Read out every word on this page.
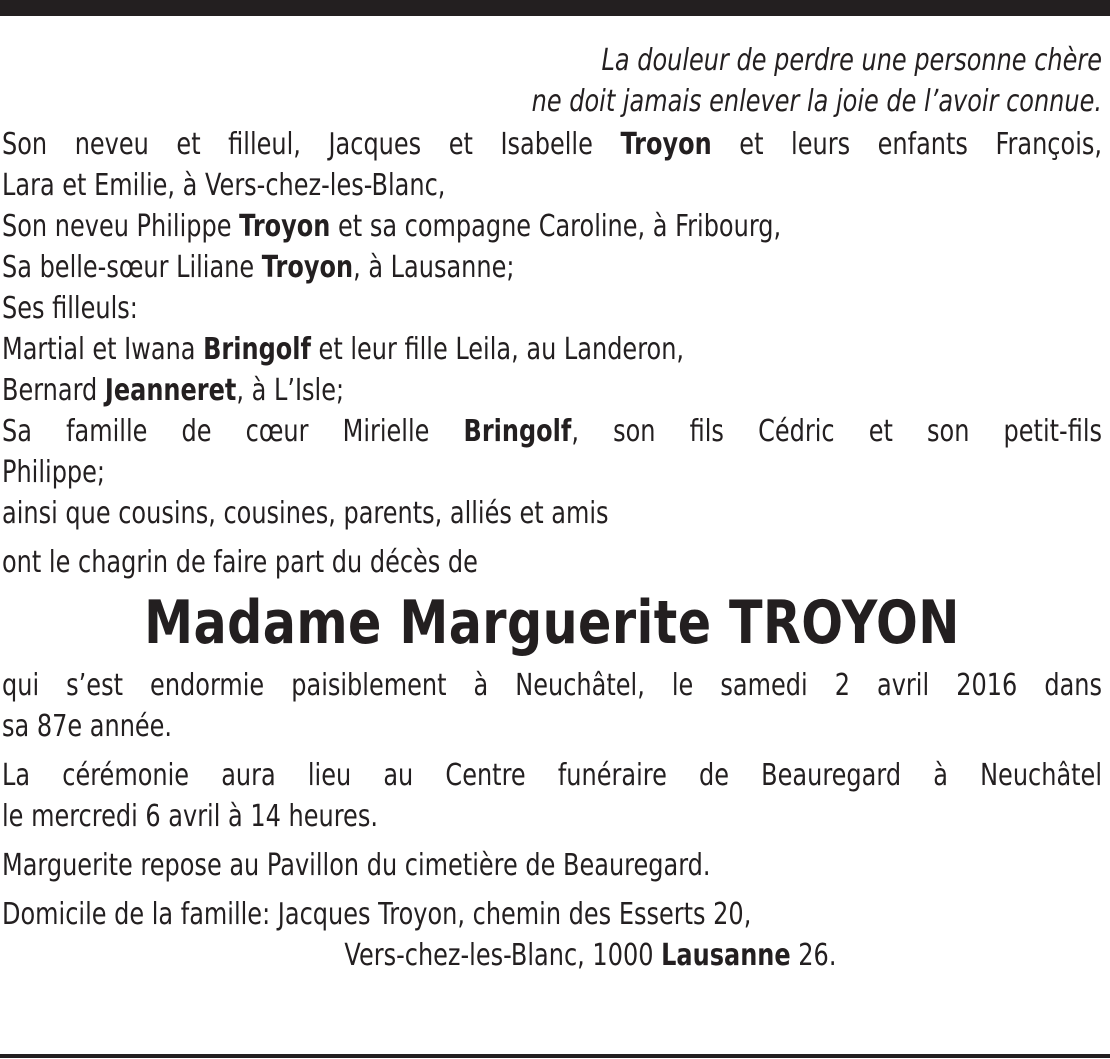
La douleur de perdre une personne chère
ne doit jamais enlever la joie de l’avoir connue.
Son neveu et filleul, Jacques et Isabelle Troyon et leurs enfants François,
Lara et Emilie, à Vers-chez-les-Blanc,
Son neveu Philippe Troyon et sa compagne Caroline, à Fribourg,
Sa belle-sœur Liliane Troyon, à Lausanne;
Ses filleuls:
Martial et Iwana Bringolf et leur fille Leila, au Landeron,
Bernard Jeanneret, à L’Isle;
Sa famille de cœur Mirielle Bringolf, son fils Cédric et son petit-fils
Philippe;
ainsi que cousins, cousines, parents, alliés et amis
ont le chagrin de faire part du décès de
Madame Marguerite TROYON
qui s’est endormie paisiblement à Neuchâtel, le samedi 2 avril 2016 dans
sa 87e année.
La cérémonie aura lieu au Centre funéraire de Beauregard à Neuchâtel
le mercredi 6 avril à 14 heures.
Marguerite repose au Pavillon du cimetière de Beauregard.
Domicile de la famille: Jacques Troyon, chemin des Esserts 20,
Vers-chez-les-Blanc, 1000 Lausanne 26.
